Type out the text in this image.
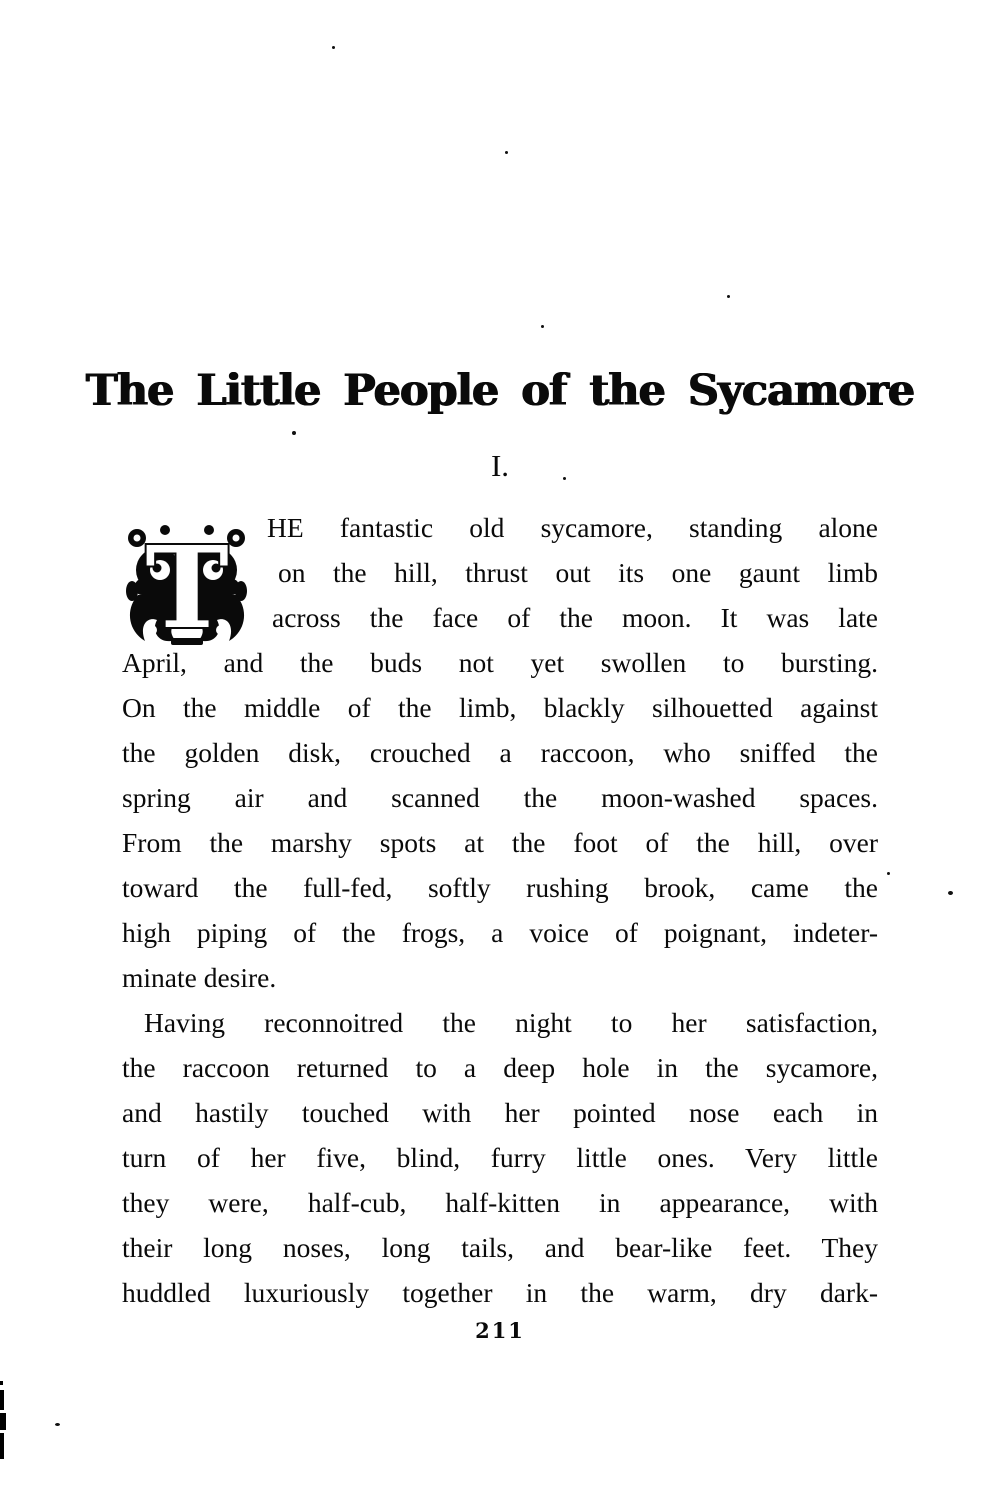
The Little People of the Sycamore
I.
T	HE fantastic old sycamore, standing alone
on the hill, thrust out its one gaunt limb
across the face of the moon. It was late
April, and the buds not yet swollen to bursting.
On the middle of the limb, blackly silhouetted against
the golden disk, crouched a raccoon, who sniffed the
spring air and scanned the moon-washed spaces.
From the marshy spots at the foot of the hill, over
toward the full-fed, softly rushing brook, came the
high piping of the frogs, a voice of poignant, indeter-
minate desire.
Having reconnoitred the night to her satisfaction,
the raccoon returned to a deep hole in the sycamore,
and hastily touched with her pointed nose each in
turn of her five, blind, furry little ones. Very little
they were, half-cub, half-kitten in appearance, with
their long noses, long tails, and bear-like feet. They
huddled luxuriously together in the warm, dry dark-
211
